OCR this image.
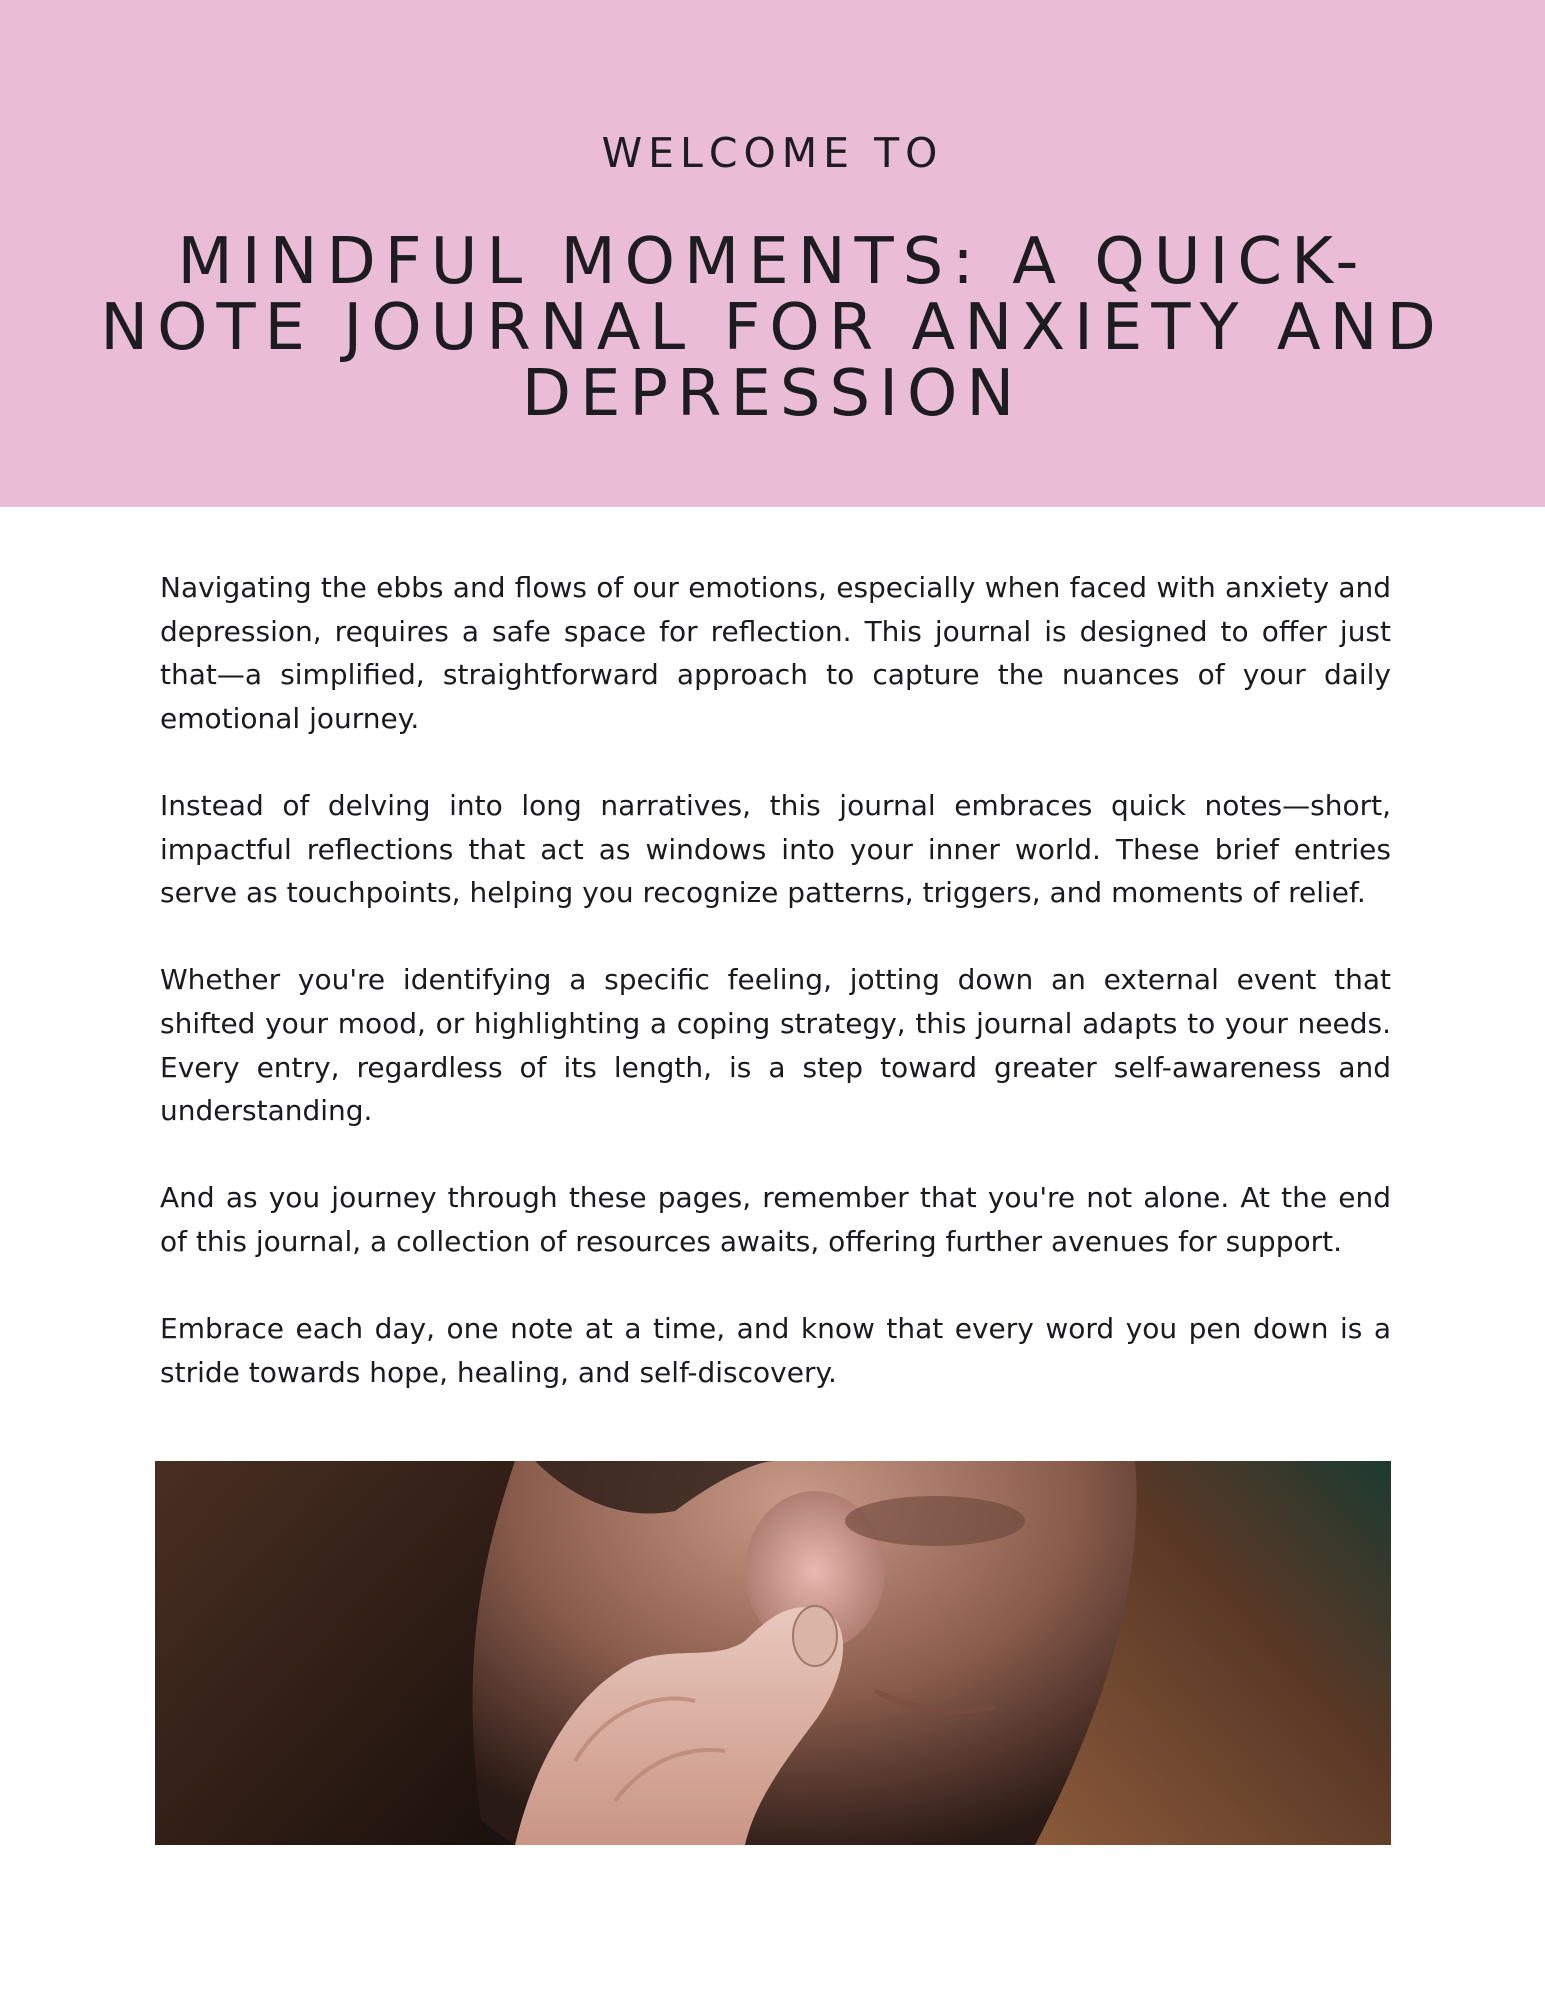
WELCOME TO
MINDFUL MOMENTS: A QUICK-NOTE JOURNAL FOR ANXIETY AND DEPRESSION

Navigating the ebbs and flows of our emotions, especially when faced with anxiety and depression, requires a safe space for reflection. This journal is designed to offer just that—a simplified, straightforward approach to capture the nuances of your daily emotional journey.

Instead of delving into long narratives, this journal embraces quick notes—short, impactful reflections that act as windows into your inner world. These brief entries serve as touchpoints, helping you recognize patterns, triggers, and moments of relief.

Whether you're identifying a specific feeling, jotting down an external event that shifted your mood, or highlighting a coping strategy, this journal adapts to your needs. Every entry, regardless of its length, is a step toward greater self-awareness and understanding.

And as you journey through these pages, remember that you're not alone. At the end of this journal, a collection of resources awaits, offering further avenues for support.

Embrace each day, one note at a time, and know that every word you pen down is a stride towards hope, healing, and self-discovery.
